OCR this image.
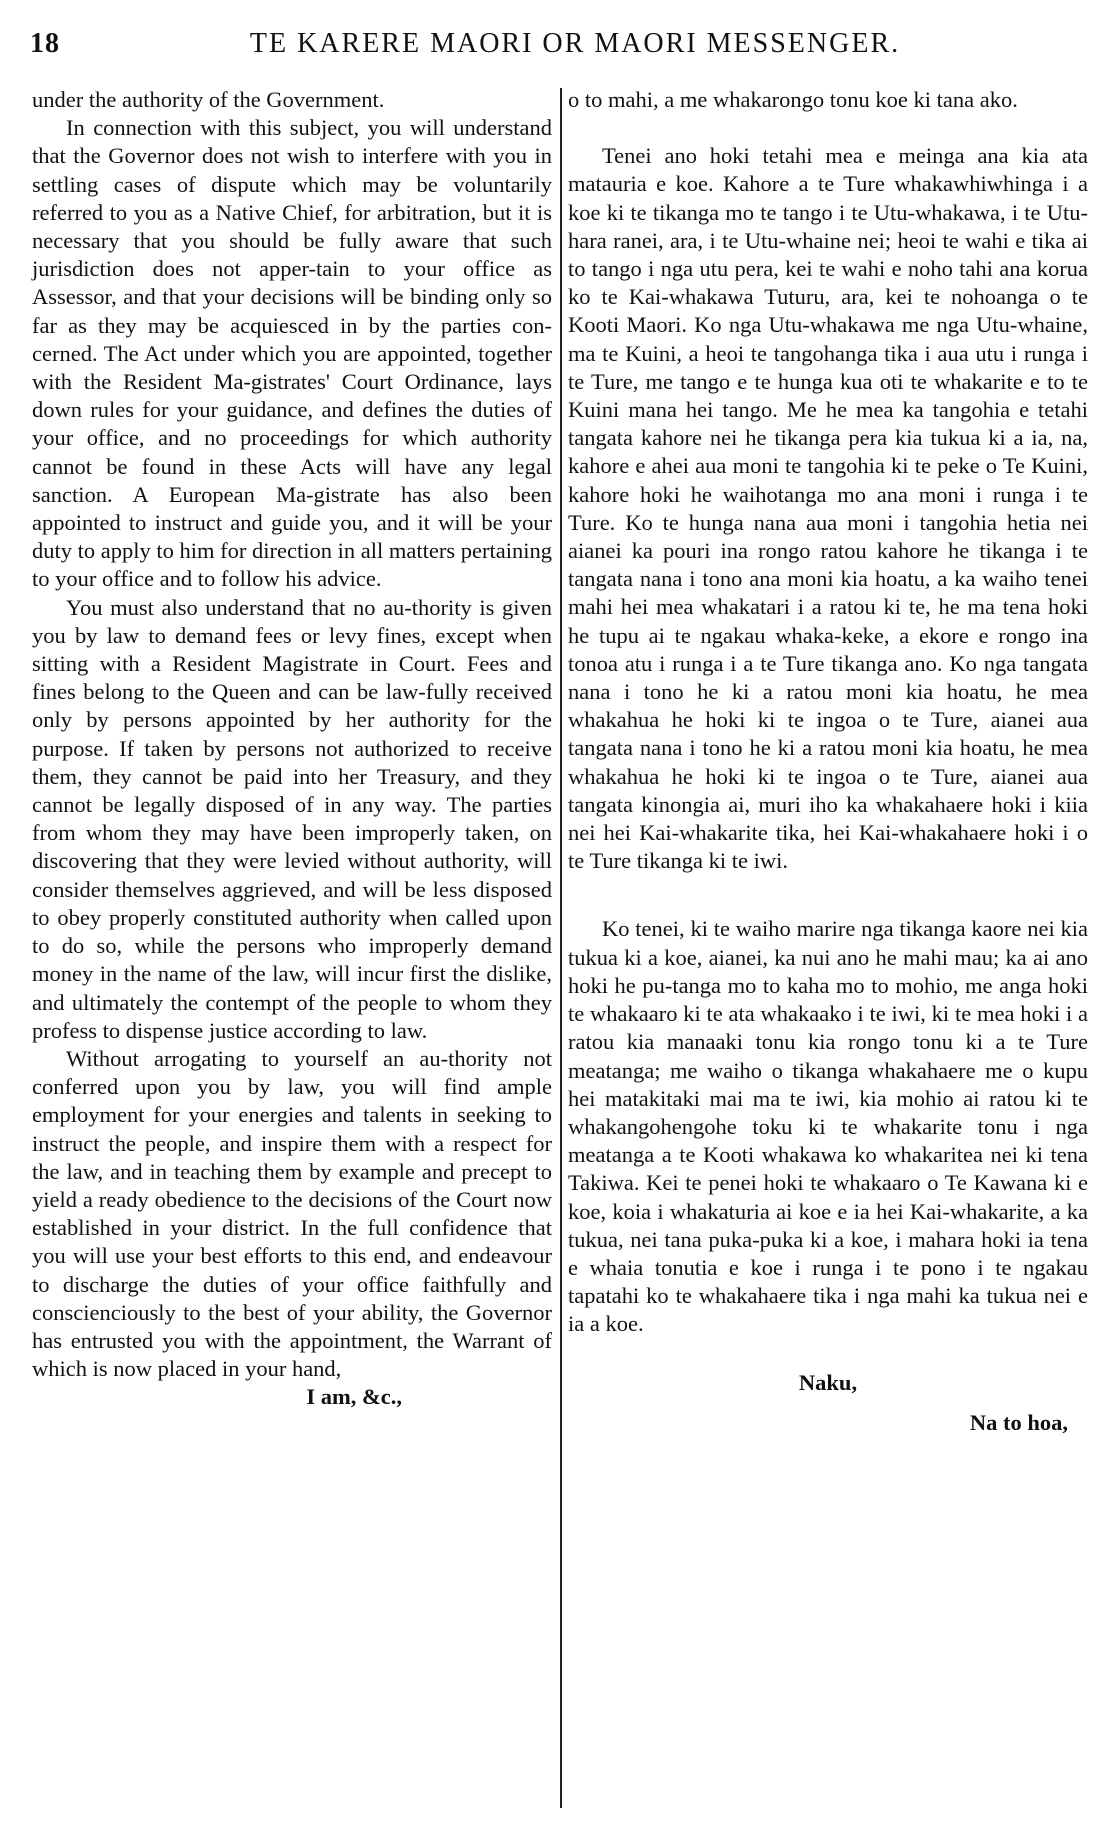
18	TE KARERE MAORI OR MAORI MESSENGER.

under the authority of the Government.

In connection with this subject, you will understand that the Governor does not wish to interfere with you in settling cases of dispute which may be voluntarily referred to you as a Native Chief, for arbitration, but it is necessary that you should be fully aware that such jurisdiction does not apper-tain to your office as Assessor, and that your decisions will be binding only so far as they may be acquiesced in by the parties con-cerned. The Act under which you are appointed, together with the Resident Ma-gistrates' Court Ordinance, lays down rules for your guidance, and defines the duties of your office, and no proceedings for which authority cannot be found in these Acts will have any legal sanction. A European Ma-gistrate has also been appointed to instruct and guide you, and it will be your duty to apply to him for direction in all matters pertaining to your office and to follow his advice.

You must also understand that no au-thority is given you by law to demand fees or levy fines, except when sitting with a Resident Magistrate in Court. Fees and fines belong to the Queen and can be law-fully received only by persons appointed by her authority for the purpose. If taken by persons not authorized to receive them, they cannot be paid into her Treasury, and they cannot be legally disposed of in any way. The parties from whom they may have been improperly taken, on discovering that they were levied without authority, will consider themselves aggrieved, and will be less disposed to obey properly constituted authority when called upon to do so, while the persons who improperly demand money in the name of the law, will incur first the dislike, and ultimately the contempt of the people to whom they profess to dispense justice according to law.

Without arrogating to yourself an au-thority not conferred upon you by law, you will find ample employment for your energies and talents in seeking to instruct the people, and inspire them with a respect for the law, and in teaching them by example and precept to yield a ready obedience to the decisions of the Court now established in your district. In the full confidence that you will use your best efforts to this end, and endeavour to discharge the duties of your office faithfully and conscienciously to the best of your ability, the Governor has entrusted you with the appointment, the Warrant of which is now placed in your hand,

I am, &c.,

o to mahi, a me whakarongo tonu koe ki tana ako.

Tenei ano hoki tetahi mea e meinga ana kia ata matauria e koe. Kahore a te Ture whakawhiwhinga i a koe ki te tikanga mo te tango i te Utu-whakawa, i te Utu-hara ranei, ara, i te Utu-whaine nei; heoi te wahi e tika ai to tango i nga utu pera, kei te wahi e noho tahi ana korua ko te Kai-whakawa Tuturu, ara, kei te nohoanga o te Kooti Maori. Ko nga Utu-whakawa me nga Utu-whaine, ma te Kuini, a heoi te tangohanga tika i aua utu i runga i te Ture, me tango e te hunga kua oti te whakarite e to te Kuini mana hei tango. Me he mea ka tangohia e tetahi tangata kahore nei he tikanga pera kia tukua ki a ia, na, kahore e ahei aua moni te tangohia ki te peke o Te Kuini, kahore hoki he waihotanga mo ana moni i runga i te Ture. Ko te hunga nana aua moni i tangohia hetia nei aianei ka pouri ina rongo ratou kahore he tikanga i te tangata nana i tono ana moni kia hoatu, a ka waiho tenei mahi hei mea whakatari i a ratou ki te, he ma tena hoki he tupu ai te ngakau whaka-keke, a ekore e rongo ina tonoa atu i runga i a te Ture tikanga ano. Ko nga tangata nana i tono he ki a ratou moni kia hoatu, he mea whakahua he hoki ki te ingoa o te Ture, aianei aua tangata nana i tono he ki a ratou moni kia hoatu, he mea whakahua he hoki ki te ingoa o te Ture, aianei aua tangata kinongia ai, muri iho ka whakahaere hoki i kiia nei hei Kai-whakarite tika, hei Kai-whakahaere hoki i o te Ture tikanga ki te iwi.

Ko tenei, ki te waiho marire nga tikanga kaore nei kia tukua ki a koe, aianei, ka nui ano he mahi mau; ka ai ano hoki he pu-tanga mo to kaha mo to mohio, me anga hoki te whakaaro ki te ata whakaako i te iwi, ki te mea hoki i a ratou kia manaaki tonu kia rongo tonu ki a te Ture meatanga; me waiho o tikanga whakahaere me o kupu hei matakitaki mai ma te iwi, kia mohio ai ratou ki te whakangohengohe toku ki te whakarite tonu i nga meatanga a te Kooti whakawa ko whakaritea nei ki tena Takiwa. Kei te penei hoki te whakaaro o Te Kawana ki e koe, koia i whakaturia ai koe e ia hei Kai-whakarite, a ka tukua, nei tana puka-puka ki a koe, i mahara hoki ia tena e whaia tonutia e koe i runga i te pono i te ngakau tapatahi ko te whakahaere tika i nga mahi ka tukua nei e ia a koe.

Naku,

Na to hoa,
